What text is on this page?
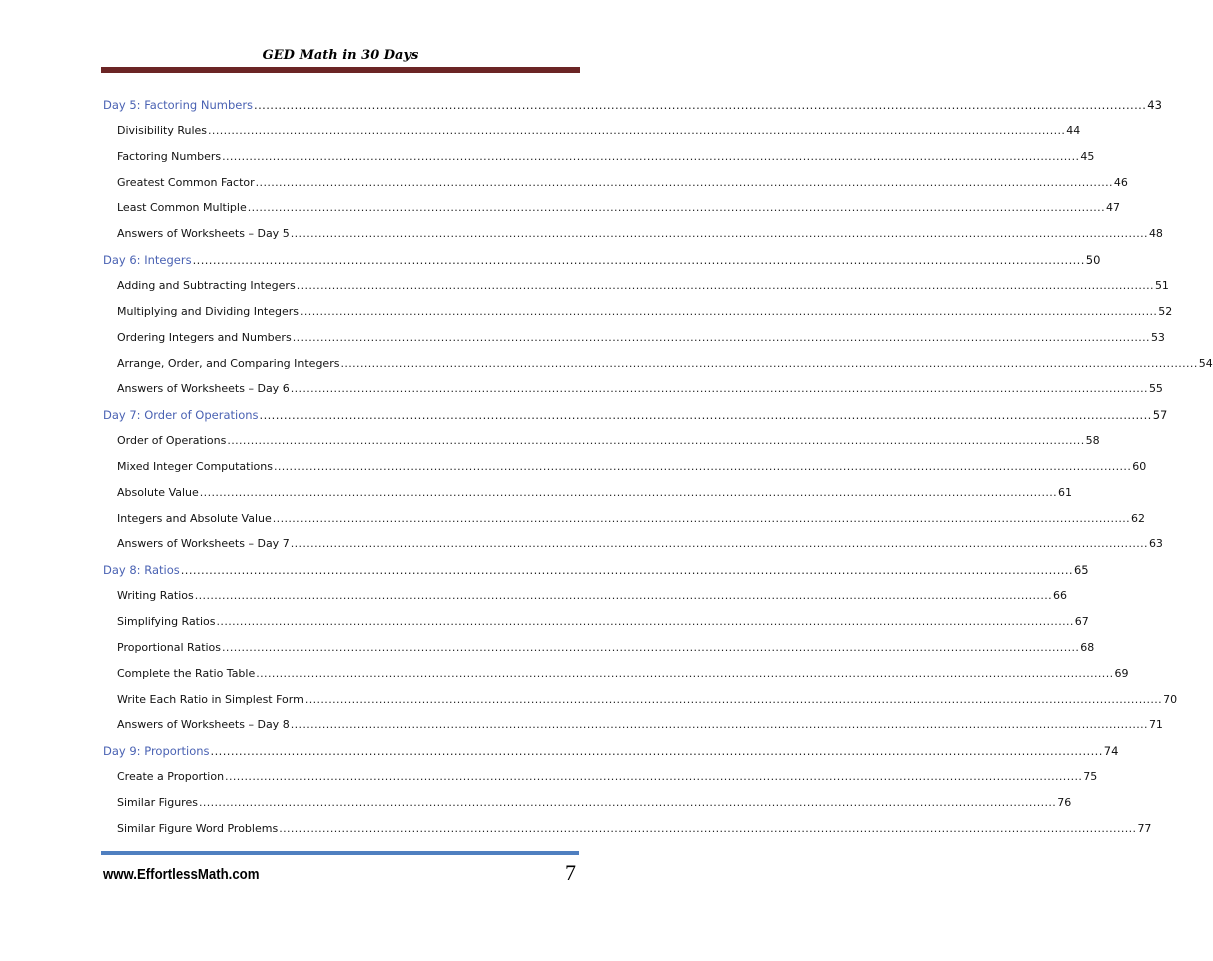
GED Math in 30 Days
Day 5: Factoring Numbers ............................................................................................................................................................................................................................ 43
Divisibility Rules ............................................................................................................................................................................................................................ 44
Factoring Numbers ............................................................................................................................................................................................................................ 45
Greatest Common Factor ............................................................................................................................................................................................................................ 46
Least Common Multiple ............................................................................................................................................................................................................................ 47
Answers of Worksheets – Day 5 ............................................................................................................................................................................................................................ 48
Day 6: Integers ............................................................................................................................................................................................................................ 50
Adding and Subtracting Integers ............................................................................................................................................................................................................................ 51
Multiplying and Dividing Integers ............................................................................................................................................................................................................................ 52
Ordering Integers and Numbers ............................................................................................................................................................................................................................ 53
Arrange, Order, and Comparing Integers ............................................................................................................................................................................................................................ 54
Answers of Worksheets – Day 6 ............................................................................................................................................................................................................................ 55
Day 7: Order of Operations ............................................................................................................................................................................................................................ 57
Order of Operations ............................................................................................................................................................................................................................ 58
Mixed Integer Computations ............................................................................................................................................................................................................................ 60
Absolute Value ............................................................................................................................................................................................................................ 61
Integers and Absolute Value ............................................................................................................................................................................................................................ 62
Answers of Worksheets – Day 7 ............................................................................................................................................................................................................................ 63
Day 8: Ratios ............................................................................................................................................................................................................................ 65
Writing Ratios ............................................................................................................................................................................................................................ 66
Simplifying Ratios ............................................................................................................................................................................................................................ 67
Proportional Ratios ............................................................................................................................................................................................................................ 68
Complete the Ratio Table ............................................................................................................................................................................................................................ 69
Write Each Ratio in Simplest Form ............................................................................................................................................................................................................................ 70
Answers of Worksheets – Day 8 ............................................................................................................................................................................................................................ 71
Day 9: Proportions ............................................................................................................................................................................................................................ 74
Create a Proportion ............................................................................................................................................................................................................................ 75
Similar Figures ............................................................................................................................................................................................................................ 76
Similar Figure Word Problems ............................................................................................................................................................................................................................ 77
www.EffortlessMath.com	7
